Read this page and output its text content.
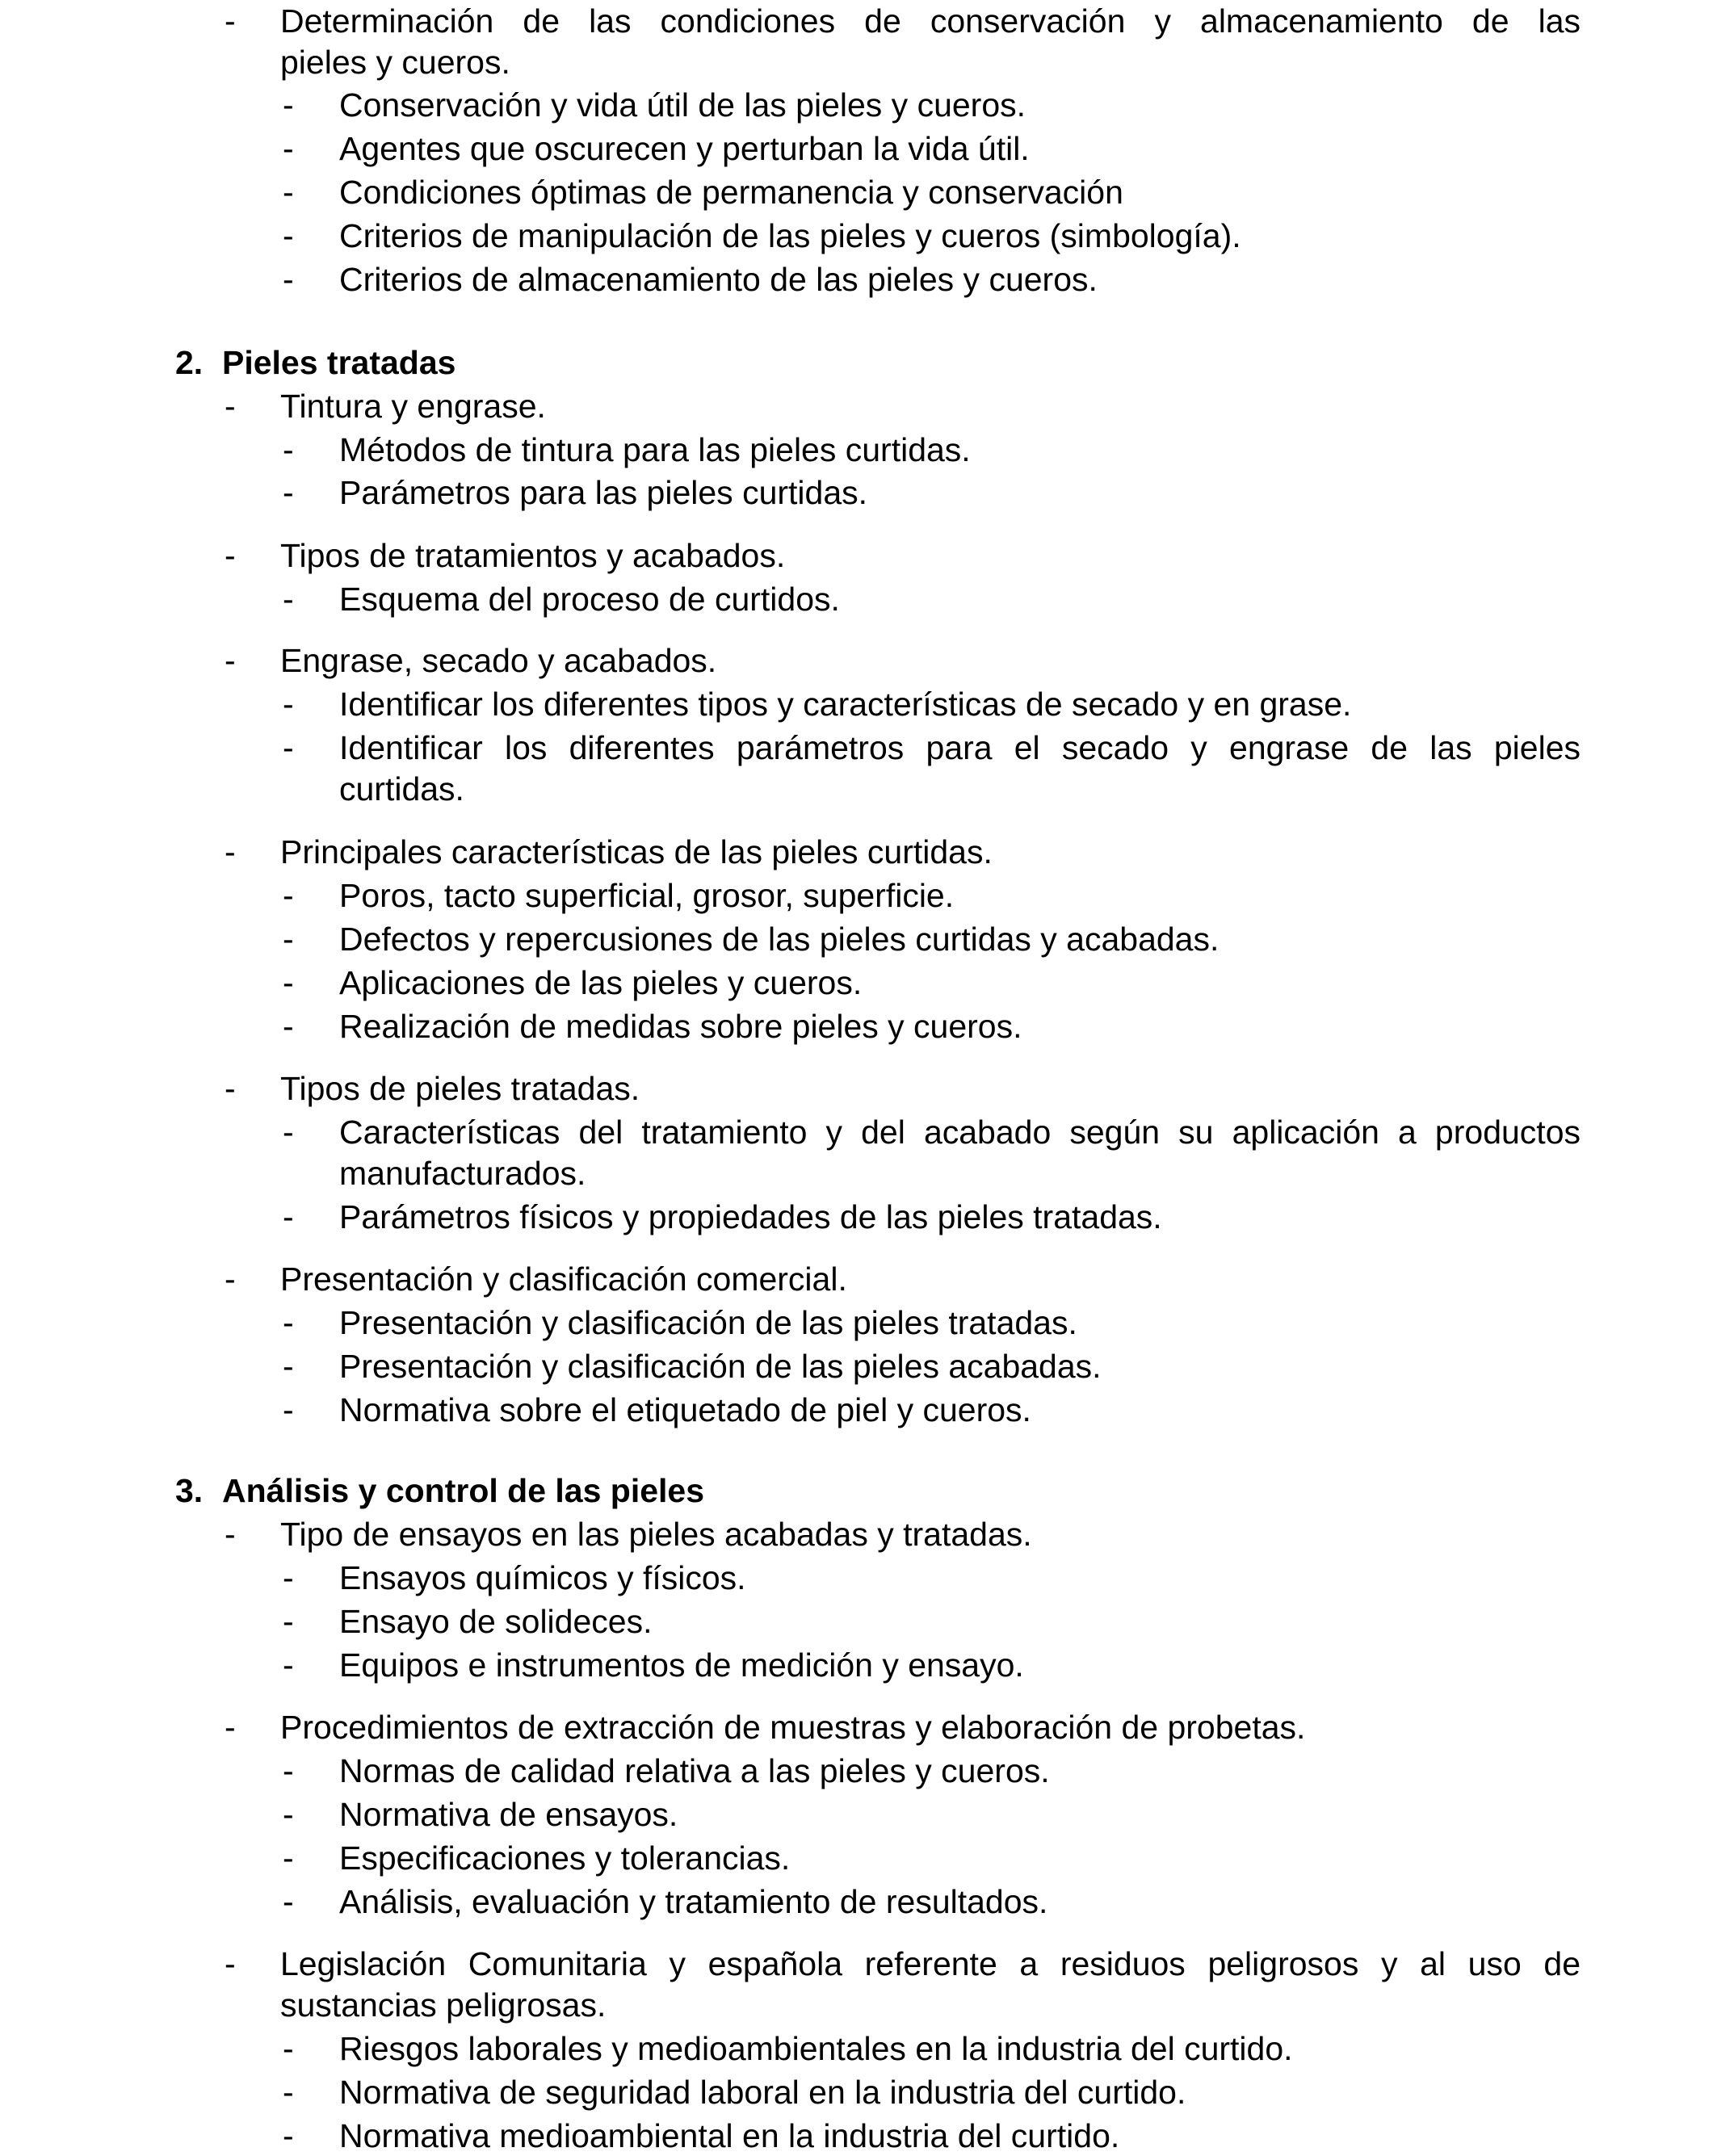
- Determinación de las condiciones de conservación y almacenamiento de las
pieles y cueros.
- Conservación y vida útil de las pieles y cueros.
- Agentes que oscurecen y perturban la vida útil.
- Condiciones óptimas de permanencia y conservación
- Criterios de manipulación de las pieles y cueros (simbología).
- Criterios de almacenamiento de las pieles y cueros.
2. Pieles tratadas
- Tintura y engrase.
- Métodos de tintura para las pieles curtidas.
- Parámetros para las pieles curtidas.
- Tipos de tratamientos y acabados.
- Esquema del proceso de curtidos.
- Engrase, secado y acabados.
- Identificar los diferentes tipos y características de secado y en grase.
- Identificar los diferentes parámetros para el secado y engrase de las pieles
curtidas.
- Principales características de las pieles curtidas.
- Poros, tacto superficial, grosor, superficie.
- Defectos y repercusiones de las pieles curtidas y acabadas.
- Aplicaciones de las pieles y cueros.
- Realización de medidas sobre pieles y cueros.
- Tipos de pieles tratadas.
- Características del tratamiento y del acabado según su aplicación a productos
manufacturados.
- Parámetros físicos y propiedades de las pieles tratadas.
- Presentación y clasificación comercial.
- Presentación y clasificación de las pieles tratadas.
- Presentación y clasificación de las pieles acabadas.
- Normativa sobre el etiquetado de piel y cueros.
3. Análisis y control de las pieles
- Tipo de ensayos en las pieles acabadas y tratadas.
- Ensayos químicos y físicos.
- Ensayo de solideces.
- Equipos e instrumentos de medición y ensayo.
- Procedimientos de extracción de muestras y elaboración de probetas.
- Normas de calidad relativa a las pieles y cueros.
- Normativa de ensayos.
- Especificaciones y tolerancias.
- Análisis, evaluación y tratamiento de resultados.
- Legislación Comunitaria y española referente a residuos peligrosos y al uso de
sustancias peligrosas.
- Riesgos laborales y medioambientales en la industria del curtido.
- Normativa de seguridad laboral en la industria del curtido.
- Normativa medioambiental en la industria del curtido.
